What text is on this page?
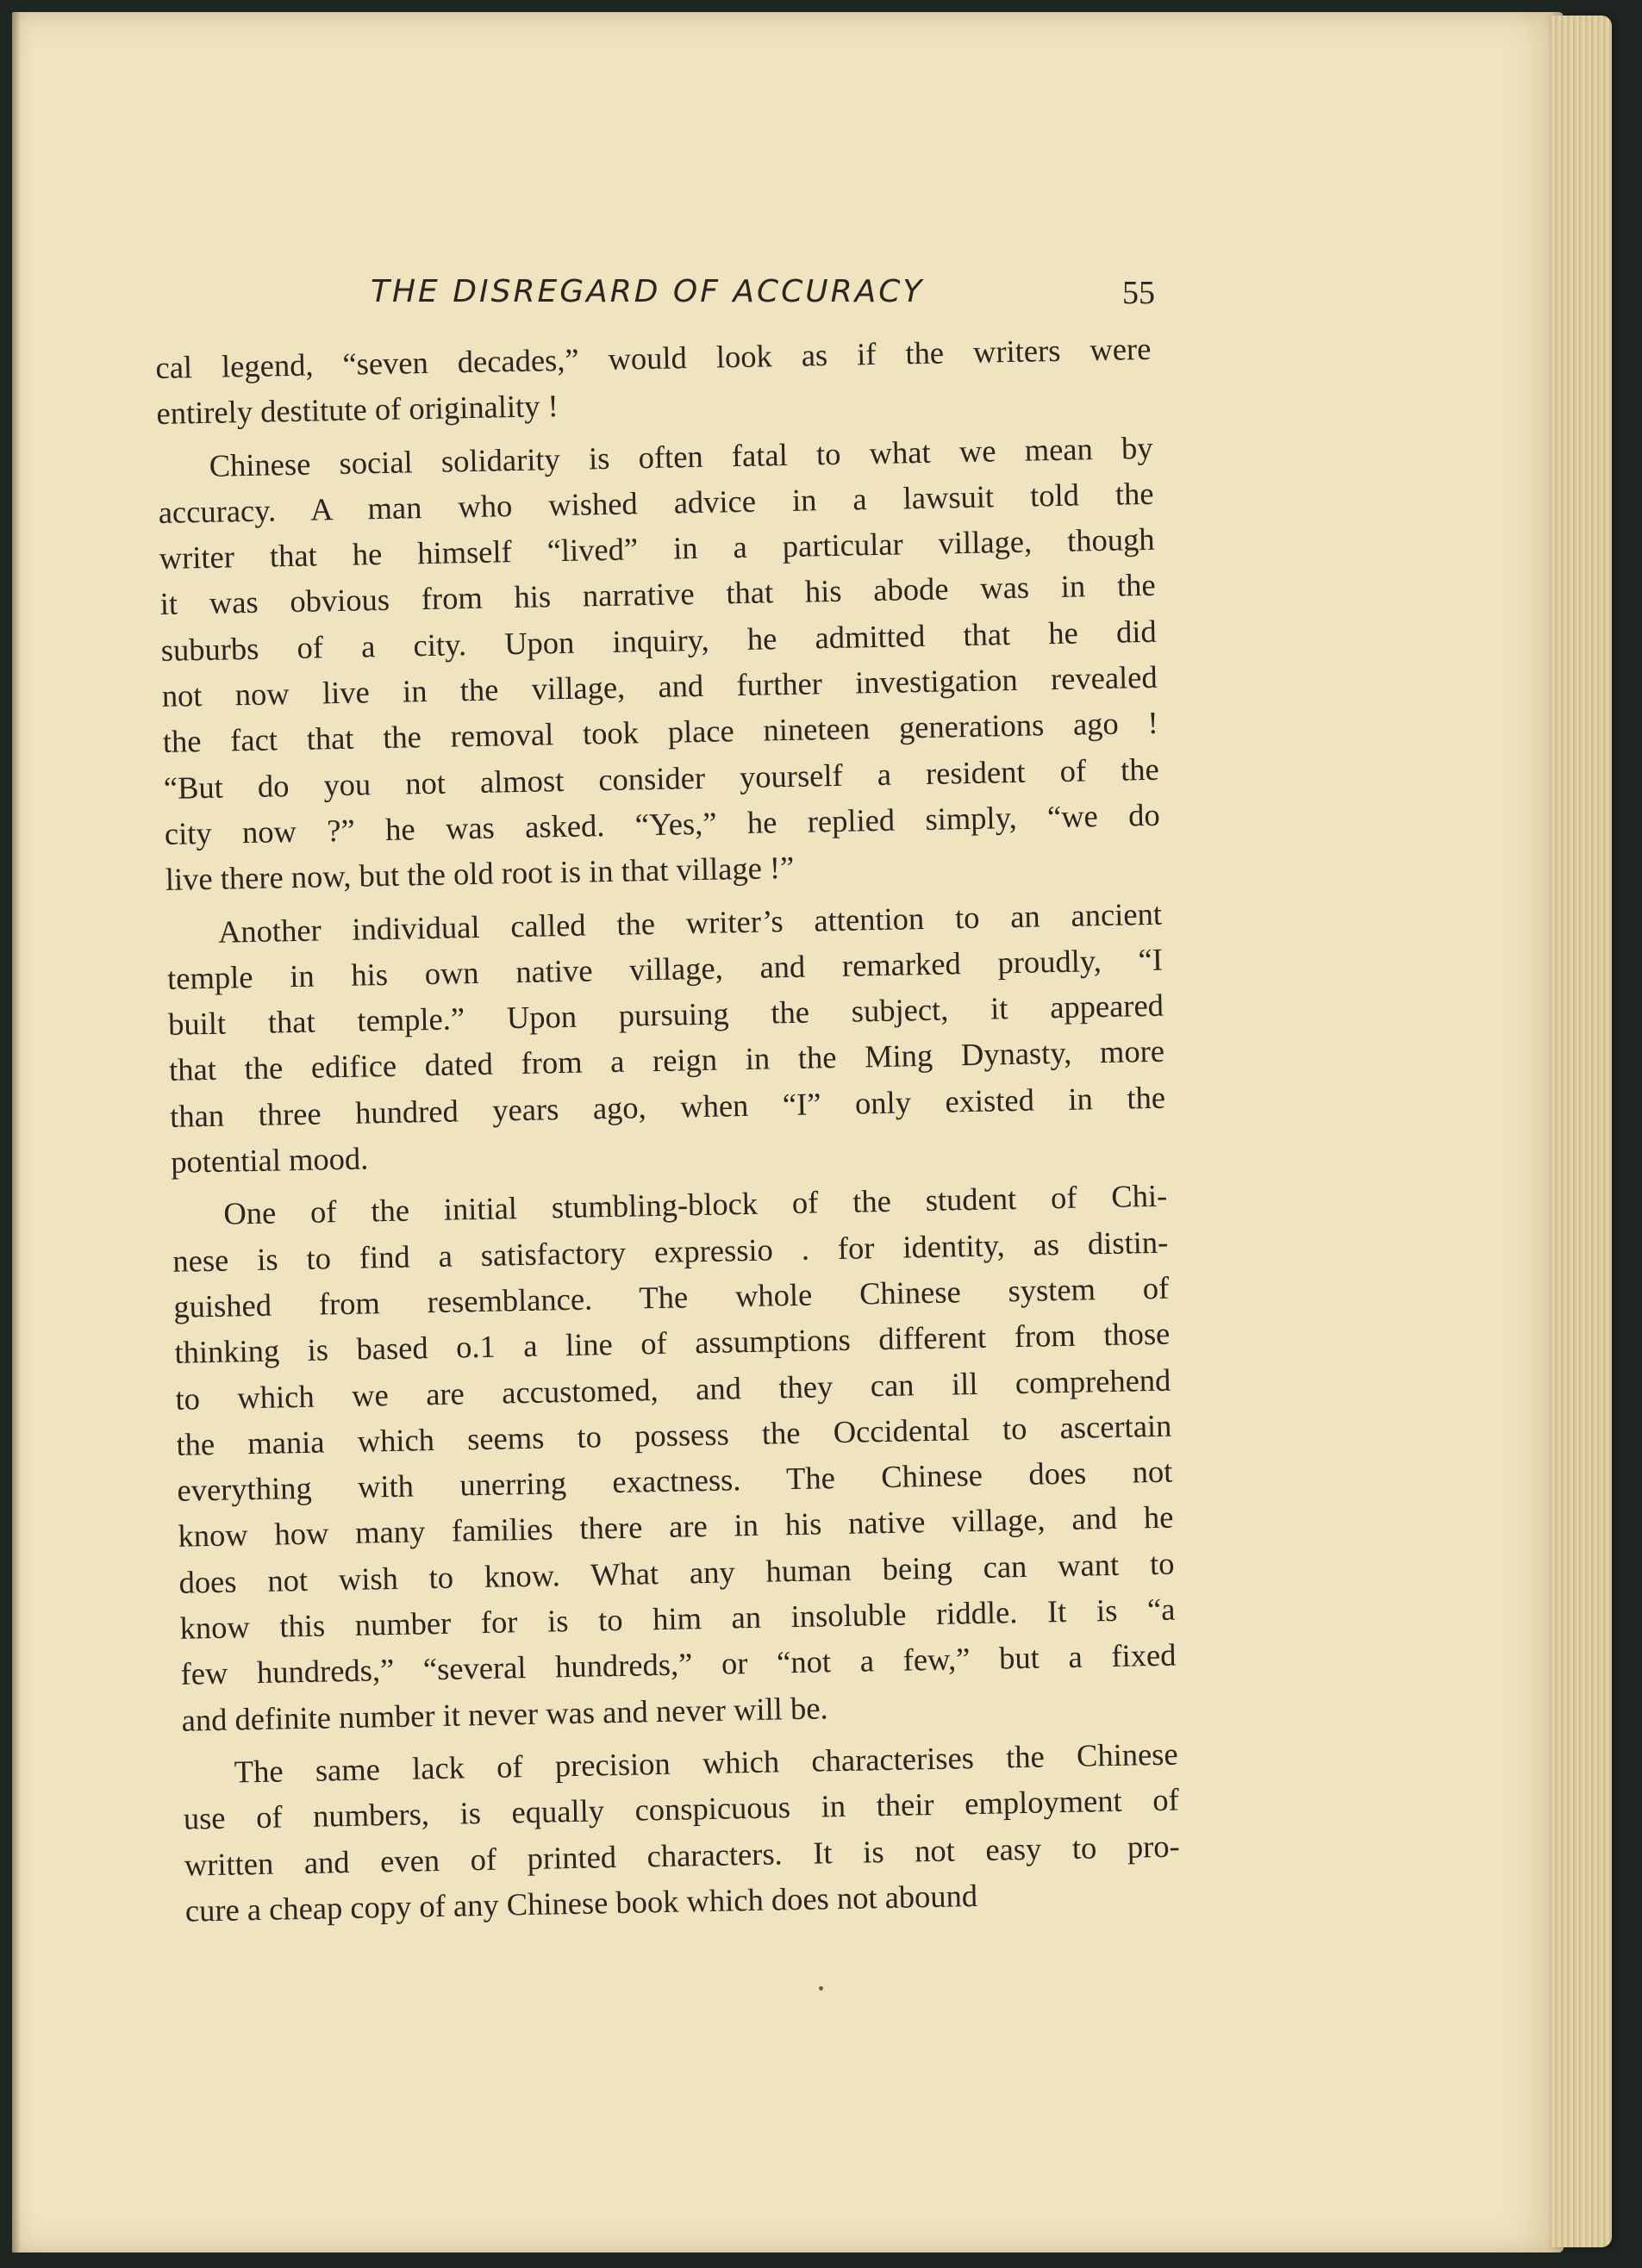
THE DISREGARD OF ACCURACY	55
cal legend, “seven decades,” would look as if the writers were
entirely destitute of originality !
Chinese social solidarity is often fatal to what we mean by
accuracy. A man who wished advice in a lawsuit told the
writer that he himself “lived” in a particular village, though
it was obvious from his narrative that his abode was in the
suburbs of a city. Upon inquiry, he admitted that he did
not now live in the village, and further investigation revealed
the fact that the removal took place nineteen generations ago !
“But do you not almost consider yourself a resident of the
city now ?” he was asked. “Yes,” he replied simply, “we do
live there now, but the old root is in that village !”
Another individual called the writer’s attention to an ancient
temple in his own native village, and remarked proudly, “I
built that temple.” Upon pursuing the subject, it appeared
that the edifice dated from a reign in the Ming Dynasty, more
than three hundred years ago, when “I” only existed in the
potential mood.
One of the initial stumbling-block of the student of Chi-
nese is to find a satisfactory expressio . for identity, as distin-
guished from resemblance. The whole Chinese system of
thinking is based o.1 a line of assumptions different from those
to which we are accustomed, and they can ill comprehend
the mania which seems to possess the Occidental to ascertain
everything with unerring exactness. The Chinese does not
know how many families there are in his native village, and he
does not wish to know. What any human being can want to
know this number for is to him an insoluble riddle. It is “a
few hundreds,” “several hundreds,” or “not a few,” but a fixed
and definite number it never was and never will be.
The same lack of precision which characterises the Chinese
use of numbers, is equally conspicuous in their employment of
written and even of printed characters. It is not easy to pro-
cure a cheap copy of any Chinese book which does not abound
